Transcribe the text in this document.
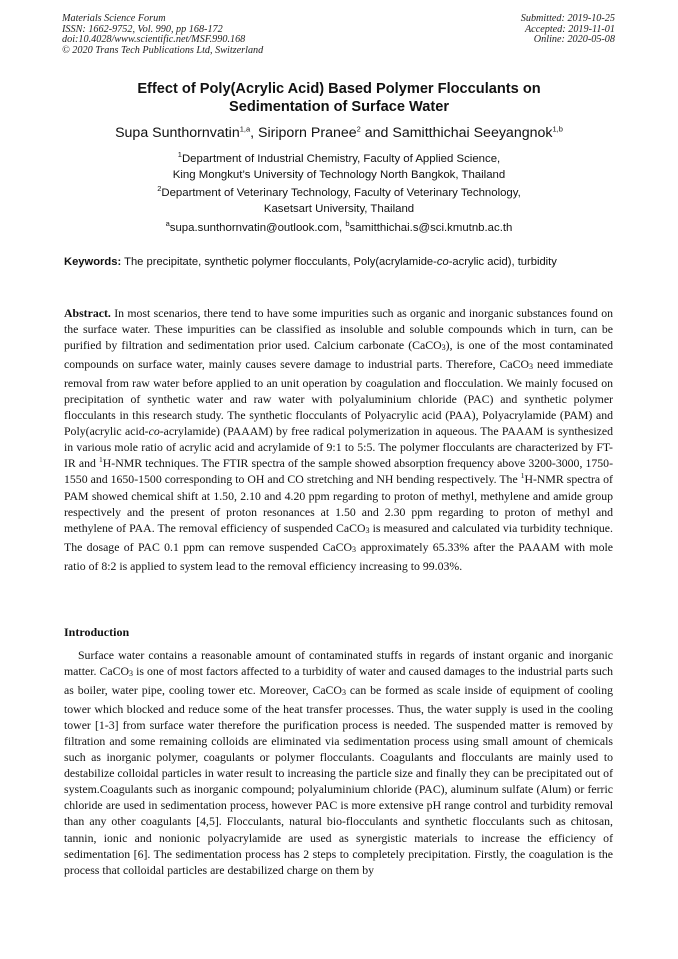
Materials Science Forum
ISSN: 1662-9752, Vol. 990, pp 168-172
doi:10.4028/www.scientific.net/MSF.990.168
© 2020 Trans Tech Publications Ltd, Switzerland
Submitted: 2019-10-25
Accepted: 2019-11-01
Online: 2020-05-08
Effect of Poly(Acrylic Acid) Based Polymer Flocculants on
Sedimentation of Surface Water
Supa Sunthornvatin$^{1,a}$, Siriporn Pranee$^2$ and Samitthichai Seeyangnok$^{1,b}$
$^1$Department of Industrial Chemistry, Faculty of Applied Science,
King Mongkut’s University of Technology North Bangkok, Thailand
$^2$Department of Veterinary Technology, Faculty of Veterinary Technology,
Kasetsart University, Thailand
$^a$supa.sunthornvatin@outlook.com, $^b$samitthichai.s@sci.kmutnb.ac.th
Keywords: The precipitate, synthetic polymer flocculants, Poly(acrylamide-co-acrylic acid), turbidity
Abstract. In most scenarios, there tend to have some impurities such as organic and inorganic substances found on the surface water. These impurities can be classified as insoluble and soluble compounds which in turn, can be purified by filtration and sedimentation prior used. Calcium carbonate (CaCO3), is one of the most contaminated compounds on surface water, mainly causes severe damage to industrial parts. Therefore, CaCO3 need immediate removal from raw water before applied to an unit operation by coagulation and flocculation. We mainly focused on precipitation of synthetic water and raw water with polyaluminium chloride (PAC) and synthetic polymer flocculants in this research study. The synthetic flocculants of Polyacrylic acid (PAA), Polyacrylamide (PAM) and Poly(acrylic acid-co-acrylamide) (PAAAM) by free radical polymerization in aqueous. The PAAAM is synthesized in various mole ratio of acrylic acid and acrylamide of 9:1 to 5:5. The polymer flocculants are characterized by FT-IR and $^1$H-NMR techniques. The FTIR spectra of the sample showed absorption frequency above 3200-3000, 1750-1550 and 1650-1500 corresponding to OH and CO stretching and NH bending respectively. The $^1$H-NMR spectra of PAM showed chemical shift at 1.50, 2.10 and 4.20 ppm regarding to proton of methyl, methylene and amide group respectively and the present of proton resonances at 1.50 and 2.30 ppm regarding to proton of methyl and methylene of PAA. The removal efficiency of suspended CaCO3 is measured and calculated via turbidity technique. The dosage of PAC 0.1 ppm can remove suspended CaCO3 approximately 65.33% after the PAAAM with mole ratio of 8:2 is applied to system lead to the removal efficiency increasing to 99.03%.
Introduction
Surface water contains a reasonable amount of contaminated stuffs in regards of instant organic and inorganic matter. CaCO3 is one of most factors affected to a turbidity of water and caused damages to the industrial parts such as boiler, water pipe, cooling tower etc. Moreover, CaCO3 can be formed as scale inside of equipment of cooling tower which blocked and reduce some of the heat transfer processes. Thus, the water supply is used in the cooling tower [1-3] from surface water therefore the purification process is needed. The suspended matter is removed by filtration and some remaining colloids are eliminated via sedimentation process using small amount of chemicals such as inorganic polymer, coagulants or polymer flocculants. Coagulants and flocculants are mainly used to destabilize colloidal particles in water result to increasing the particle size and finally they can be precipitated out of system.Coagulants such as inorganic compound; polyaluminium chloride (PAC), aluminum sulfate (Alum) or ferric chloride are used in sedimentation process, however PAC is more extensive pH range control and turbidity removal than any other coagulants [4,5]. Flocculants, natural bio-flocculants and synthetic flocculants such as chitosan, tannin, ionic and nonionic polyacrylamide are used as synergistic materials to increase the efficiency of sedimentation [6]. The sedimentation process has 2 steps to completely precipitation. Firstly, the coagulation is the process that colloidal particles are destabilized charge on them by
